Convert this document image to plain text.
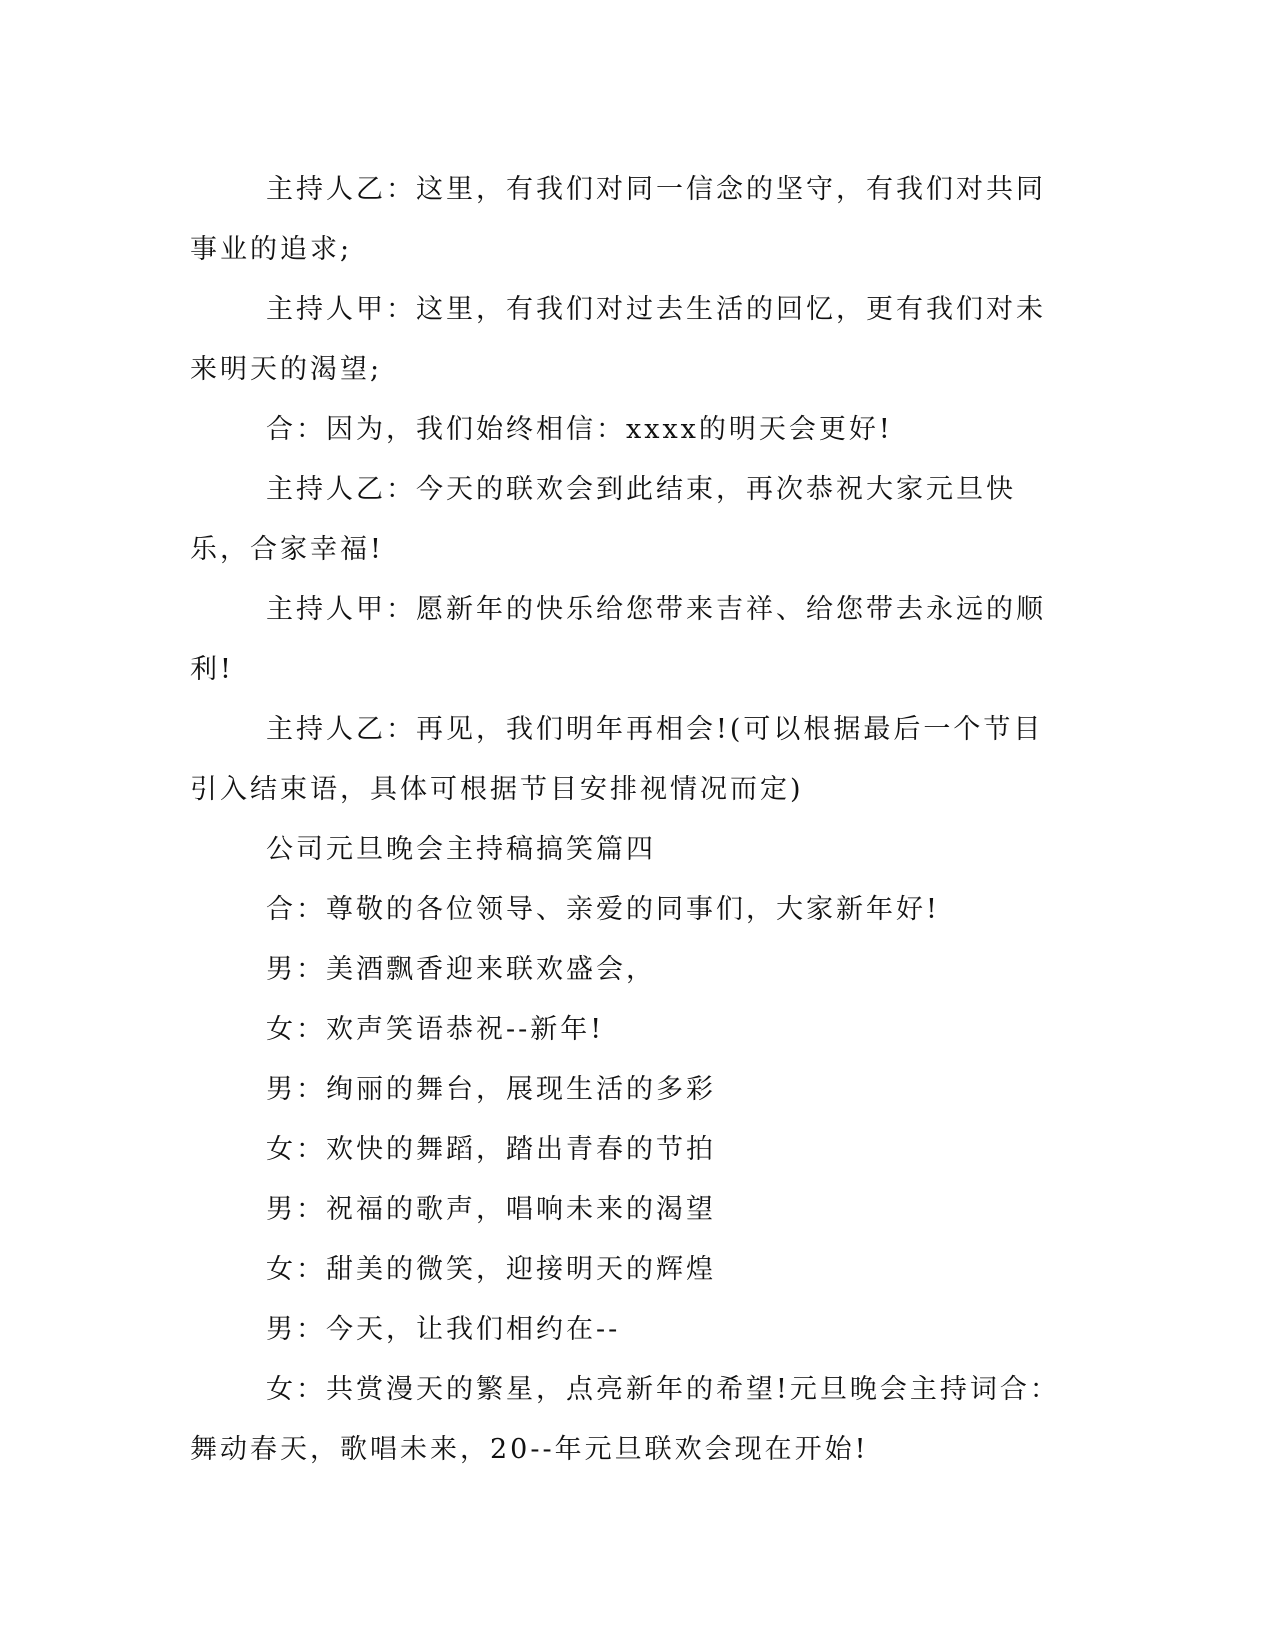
主持人乙：这里，有我们对同一信念的坚守，有我们对共同事业的追求;

主持人甲：这里，有我们对过去生活的回忆，更有我们对未来明天的渴望;

合：因为，我们始终相信：xxxx的明天会更好!

主持人乙：今天的联欢会到此结束，再次恭祝大家元旦快乐，合家幸福!

主持人甲：愿新年的快乐给您带来吉祥、给您带去永远的顺利!

主持人乙：再见，我们明年再相会!(可以根据最后一个节目引入结束语，具体可根据节目安排视情况而定)

公司元旦晚会主持稿搞笑篇四

合：尊敬的各位领导、亲爱的同事们，大家新年好!

男：美酒飘香迎来联欢盛会，

女：欢声笑语恭祝--新年!

男：绚丽的舞台，展现生活的多彩

女：欢快的舞蹈，踏出青春的节拍

男：祝福的歌声，唱响未来的渴望

女：甜美的微笑，迎接明天的辉煌

男：今天，让我们相约在--

女：共赏漫天的繁星，点亮新年的希望!元旦晚会主持词合：舞动春天，歌唱未来，20--年元旦联欢会现在开始!
